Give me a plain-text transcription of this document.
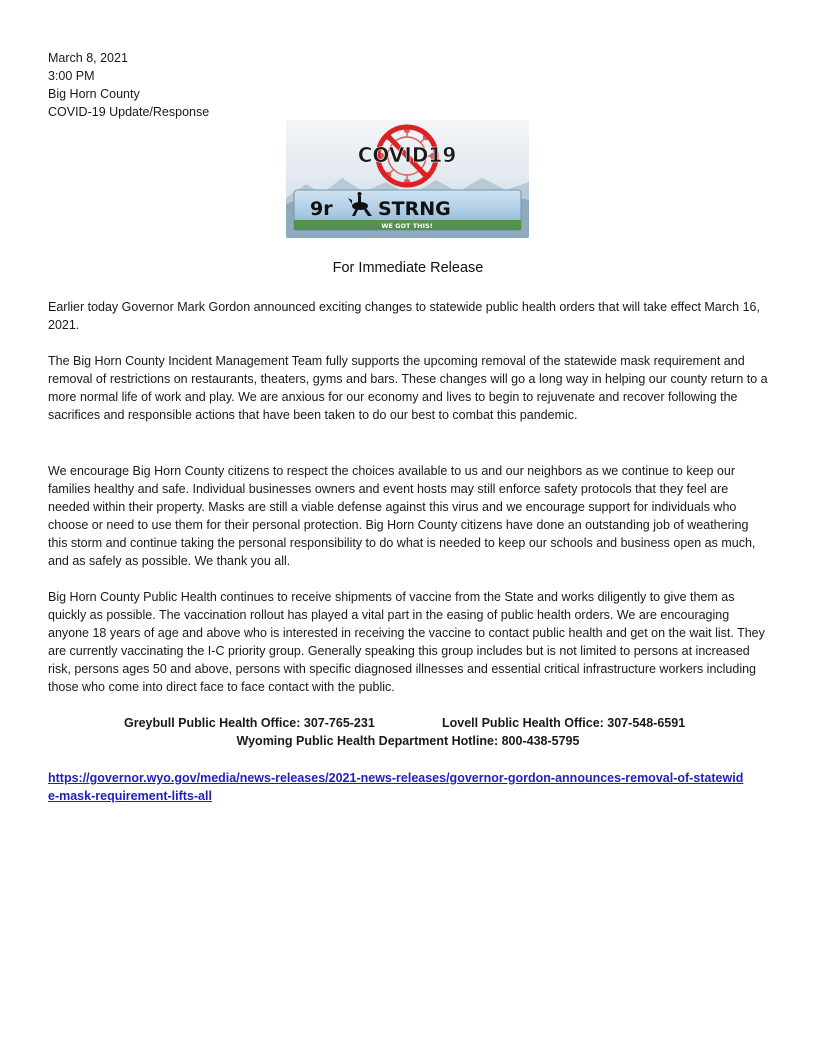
March 8, 2021
3:00 PM
Big Horn County
COVID-19 Update/Response
COVID19
9r STRNG
WE GOT THIS!
For Immediate Release

Earlier today Governor Mark Gordon announced exciting changes to statewide public health orders that will take effect March 16, 2021.

The Big Horn County Incident Management Team fully supports the upcoming removal of the statewide mask requirement and removal of restrictions on restaurants, theaters, gyms and bars. These changes will go a long way in helping our county return to a more normal life of work and play. We are anxious for our economy and lives to begin to rejuvenate and recover following the sacrifices and responsible actions that have been taken to do our best to combat this pandemic.

We encourage Big Horn County citizens to respect the choices available to us and our neighbors as we continue to keep our families healthy and safe. Individual businesses owners and event hosts may still enforce safety protocols that they feel are needed within their property. Masks are still a viable defense against this virus and we encourage support for individuals who choose or need to use them for their personal protection. Big Horn County citizens have done an outstanding job of weathering this storm and continue taking the personal responsibility to do what is needed to keep our schools and business open as much, and as safely as possible. We thank you all.

Big Horn County Public Health continues to receive shipments of vaccine from the State and works diligently to give them as quickly as possible. The vaccination rollout has played a vital part in the easing of public health orders. We are encouraging anyone 18 years of age and above who is interested in receiving the vaccine to contact public health and get on the wait list. They are currently vaccinating the I-C priority group. Generally speaking this group includes but is not limited to persons at increased risk, persons ages 50 and above, persons with specific diagnosed illnesses and essential critical infrastructure workers including those who come into direct face to face contact with the public.

Greybull Public Health Office: 307-765-231	Lovell Public Health Office: 307-548-6591
Wyoming Public Health Department Hotline: 800-438-5795
https://governor.wyo.gov/media/news-releases/2021-news-releases/governor-gordon-announces-removal-of-statewide-mask-requirement-lifts-all
